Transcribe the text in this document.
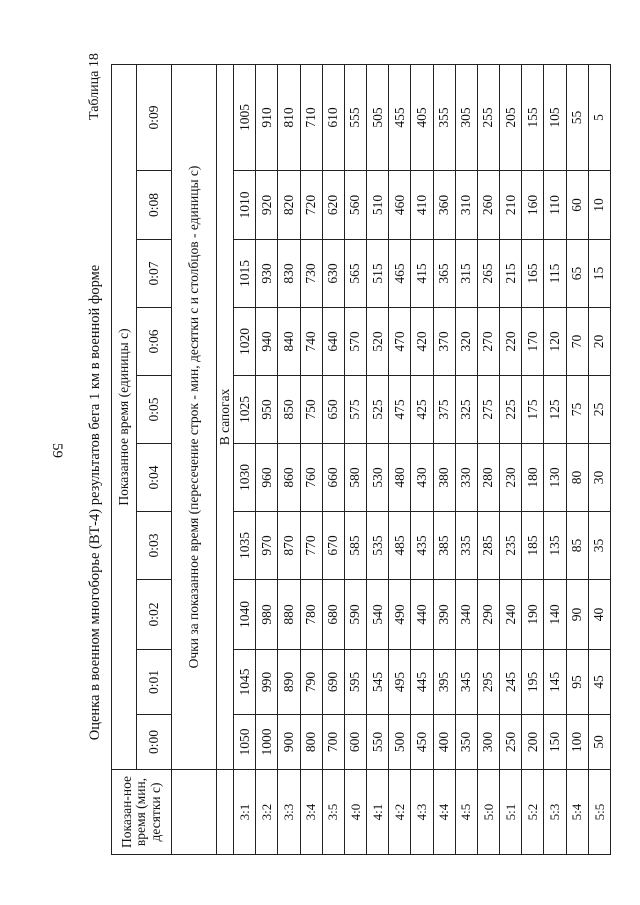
59
Таблица 18
Оценка в военном многоборье (ВТ-4) результатов бега 1 км в военной форме
Показан-ное время (мин, десятки с)	Показанное время (единицы с)									
	0:00	0:01	0:02	0:03	0:04	0:05	0:06	0:07	0:08	0:09
	Очки за показанное время (пересечение строк - мин, десятки с и столбцов - единицы с)									
	В сапогах									
3:1	1050	1045	1040	1035	1030	1025	1020	1015	1010	1005
3:2	1000	990	980	970	960	950	940	930	920	910
3:3	900	890	880	870	860	850	840	830	820	810
3:4	800	790	780	770	760	750	740	730	720	710
3:5	700	690	680	670	660	650	640	630	620	610
4:0	600	595	590	585	580	575	570	565	560	555
4:1	550	545	540	535	530	525	520	515	510	505
4:2	500	495	490	485	480	475	470	465	460	455
4:3	450	445	440	435	430	425	420	415	410	405
4:4	400	395	390	385	380	375	370	365	360	355
4:5	350	345	340	335	330	325	320	315	310	305
5:0	300	295	290	285	280	275	270	265	260	255
5:1	250	245	240	235	230	225	220	215	210	205
5:2	200	195	190	185	180	175	170	165	160	155
5:3	150	145	140	135	130	125	120	115	110	105
5:4	100	95	90	85	80	75	70	65	60	55
5:5	50	45	40	35	30	25	20	15	10	5
